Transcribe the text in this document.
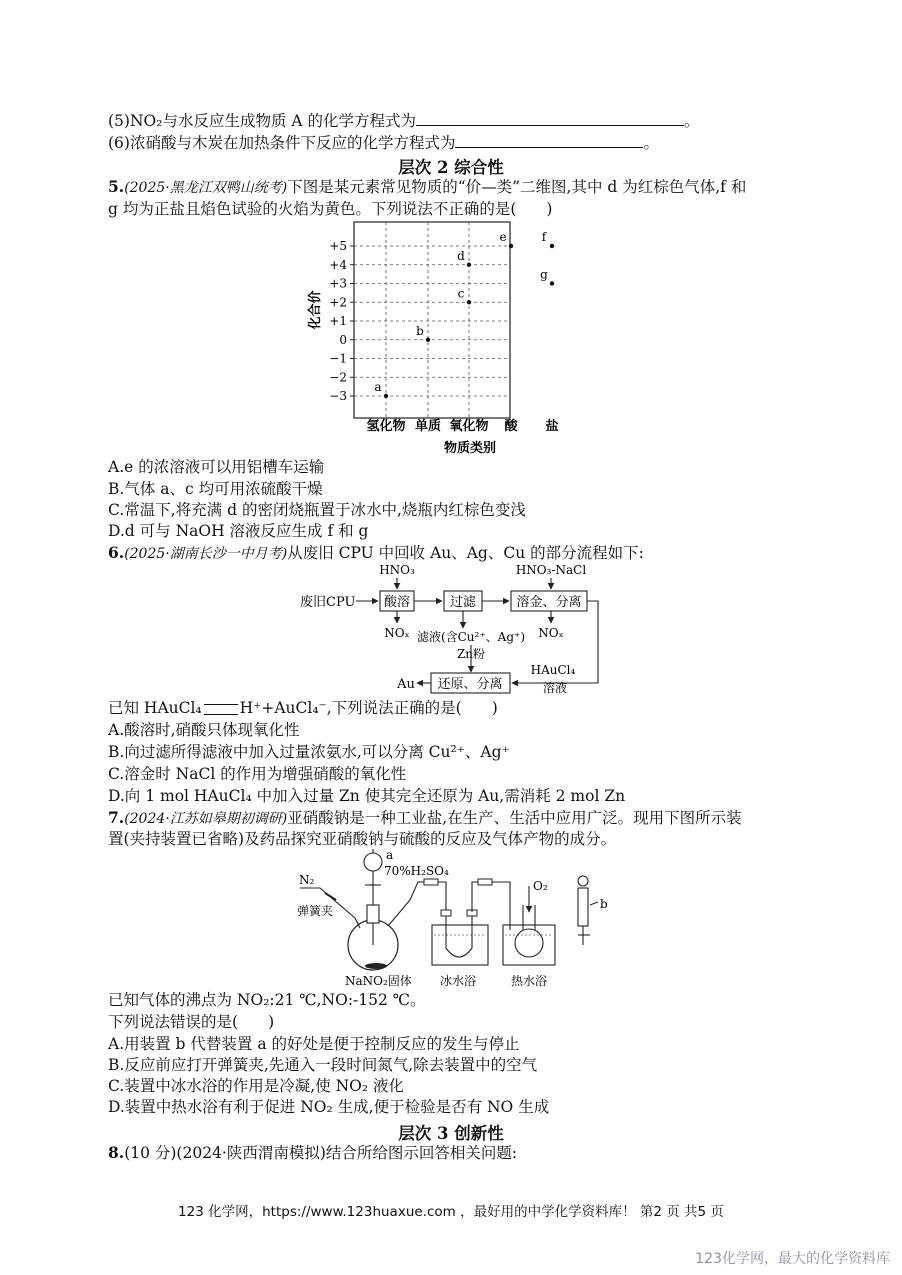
(5)NO₂与水反应生成物质 A 的化学方程式为	。
(6)浓硝酸与木炭在加热条件下反应的化学方程式为	。
层次 2 综合性
5.(2025·黑龙江双鸭山统考)下图是某元素常见物质的“价—类”二维图,其中 d 为红棕色气体,f 和
g 均为正盐且焰色试验的火焰为黄色。下列说法不正确的是( )
+5
+4
+3
+2
+1
0
−1
−2
−3
氢化物 单质 氧化物 酸 盐
a
b
c
d
e	f
g
化合价
物质类别
A.e 的浓溶液可以用铝槽车运输
B.气体 a、c 均可用浓硫酸干燥
C.常温下,将充满 d 的密闭烧瓶置于冰水中,烧瓶内红棕色变浅
D.d 可与 NaOH 溶液反应生成 f 和 g
6.(2025·湖南长沙一中月考)从废旧 CPU 中回收 Au、Ag、Cu 的部分流程如下:
废旧CPU 酸溶
HNO₃
NOₓ
过滤
滤液(含Cu²⁺、Ag⁺)
Zn粉
溶金、分离
HNO₃-NaCl
NOₓ
HAuCl₄
溶液
还原、分离
Au
已知 HAuCl₄ H⁺+AuCl₄⁻,下列说法正确的是( )
A.酸溶时,硝酸只体现氧化性
B.向过滤所得滤液中加入过量浓氨水,可以分离 Cu²⁺、Ag⁺
C.溶金时 NaCl 的作用为增强硝酸的氧化性
D.向 1 mol HAuCl₄ 中加入过量 Zn 使其完全还原为 Au,需消耗 2 mol Zn
7.(2024·江苏如皋期初调研)亚硝酸钠是一种工业盐,在生产、生活中应用广泛。现用下图所示装
置(夹持装置已省略)及药品探究亚硝酸钠与硫酸的反应及气体产物的成分。
N₂
弹簧夹
a
70%H₂SO₄
NaNO₂固体 冰水浴
O₂
热水浴
b
已知气体的沸点为 NO₂:21 ℃,NO:-152 ℃。
下列说法错误的是( )
A.用装置 b 代替装置 a 的好处是便于控制反应的发生与停止
B.反应前应打开弹簧夹,先通入一段时间氮气,除去装置中的空气
C.装置中冰水浴的作用是冷凝,使 NO₂ 液化
D.装置中热水浴有利于促进 NO₂ 生成,便于检验是否有 NO 生成
层次 3 创新性
8.(10 分)(2024·陕西渭南模拟)结合所给图示回答相关问题:
123 化学网，https://www.123huaxue.com ，最好用的中学化学资料库！ 第2 页 共5 页
123化学网，最大的化学资料库
